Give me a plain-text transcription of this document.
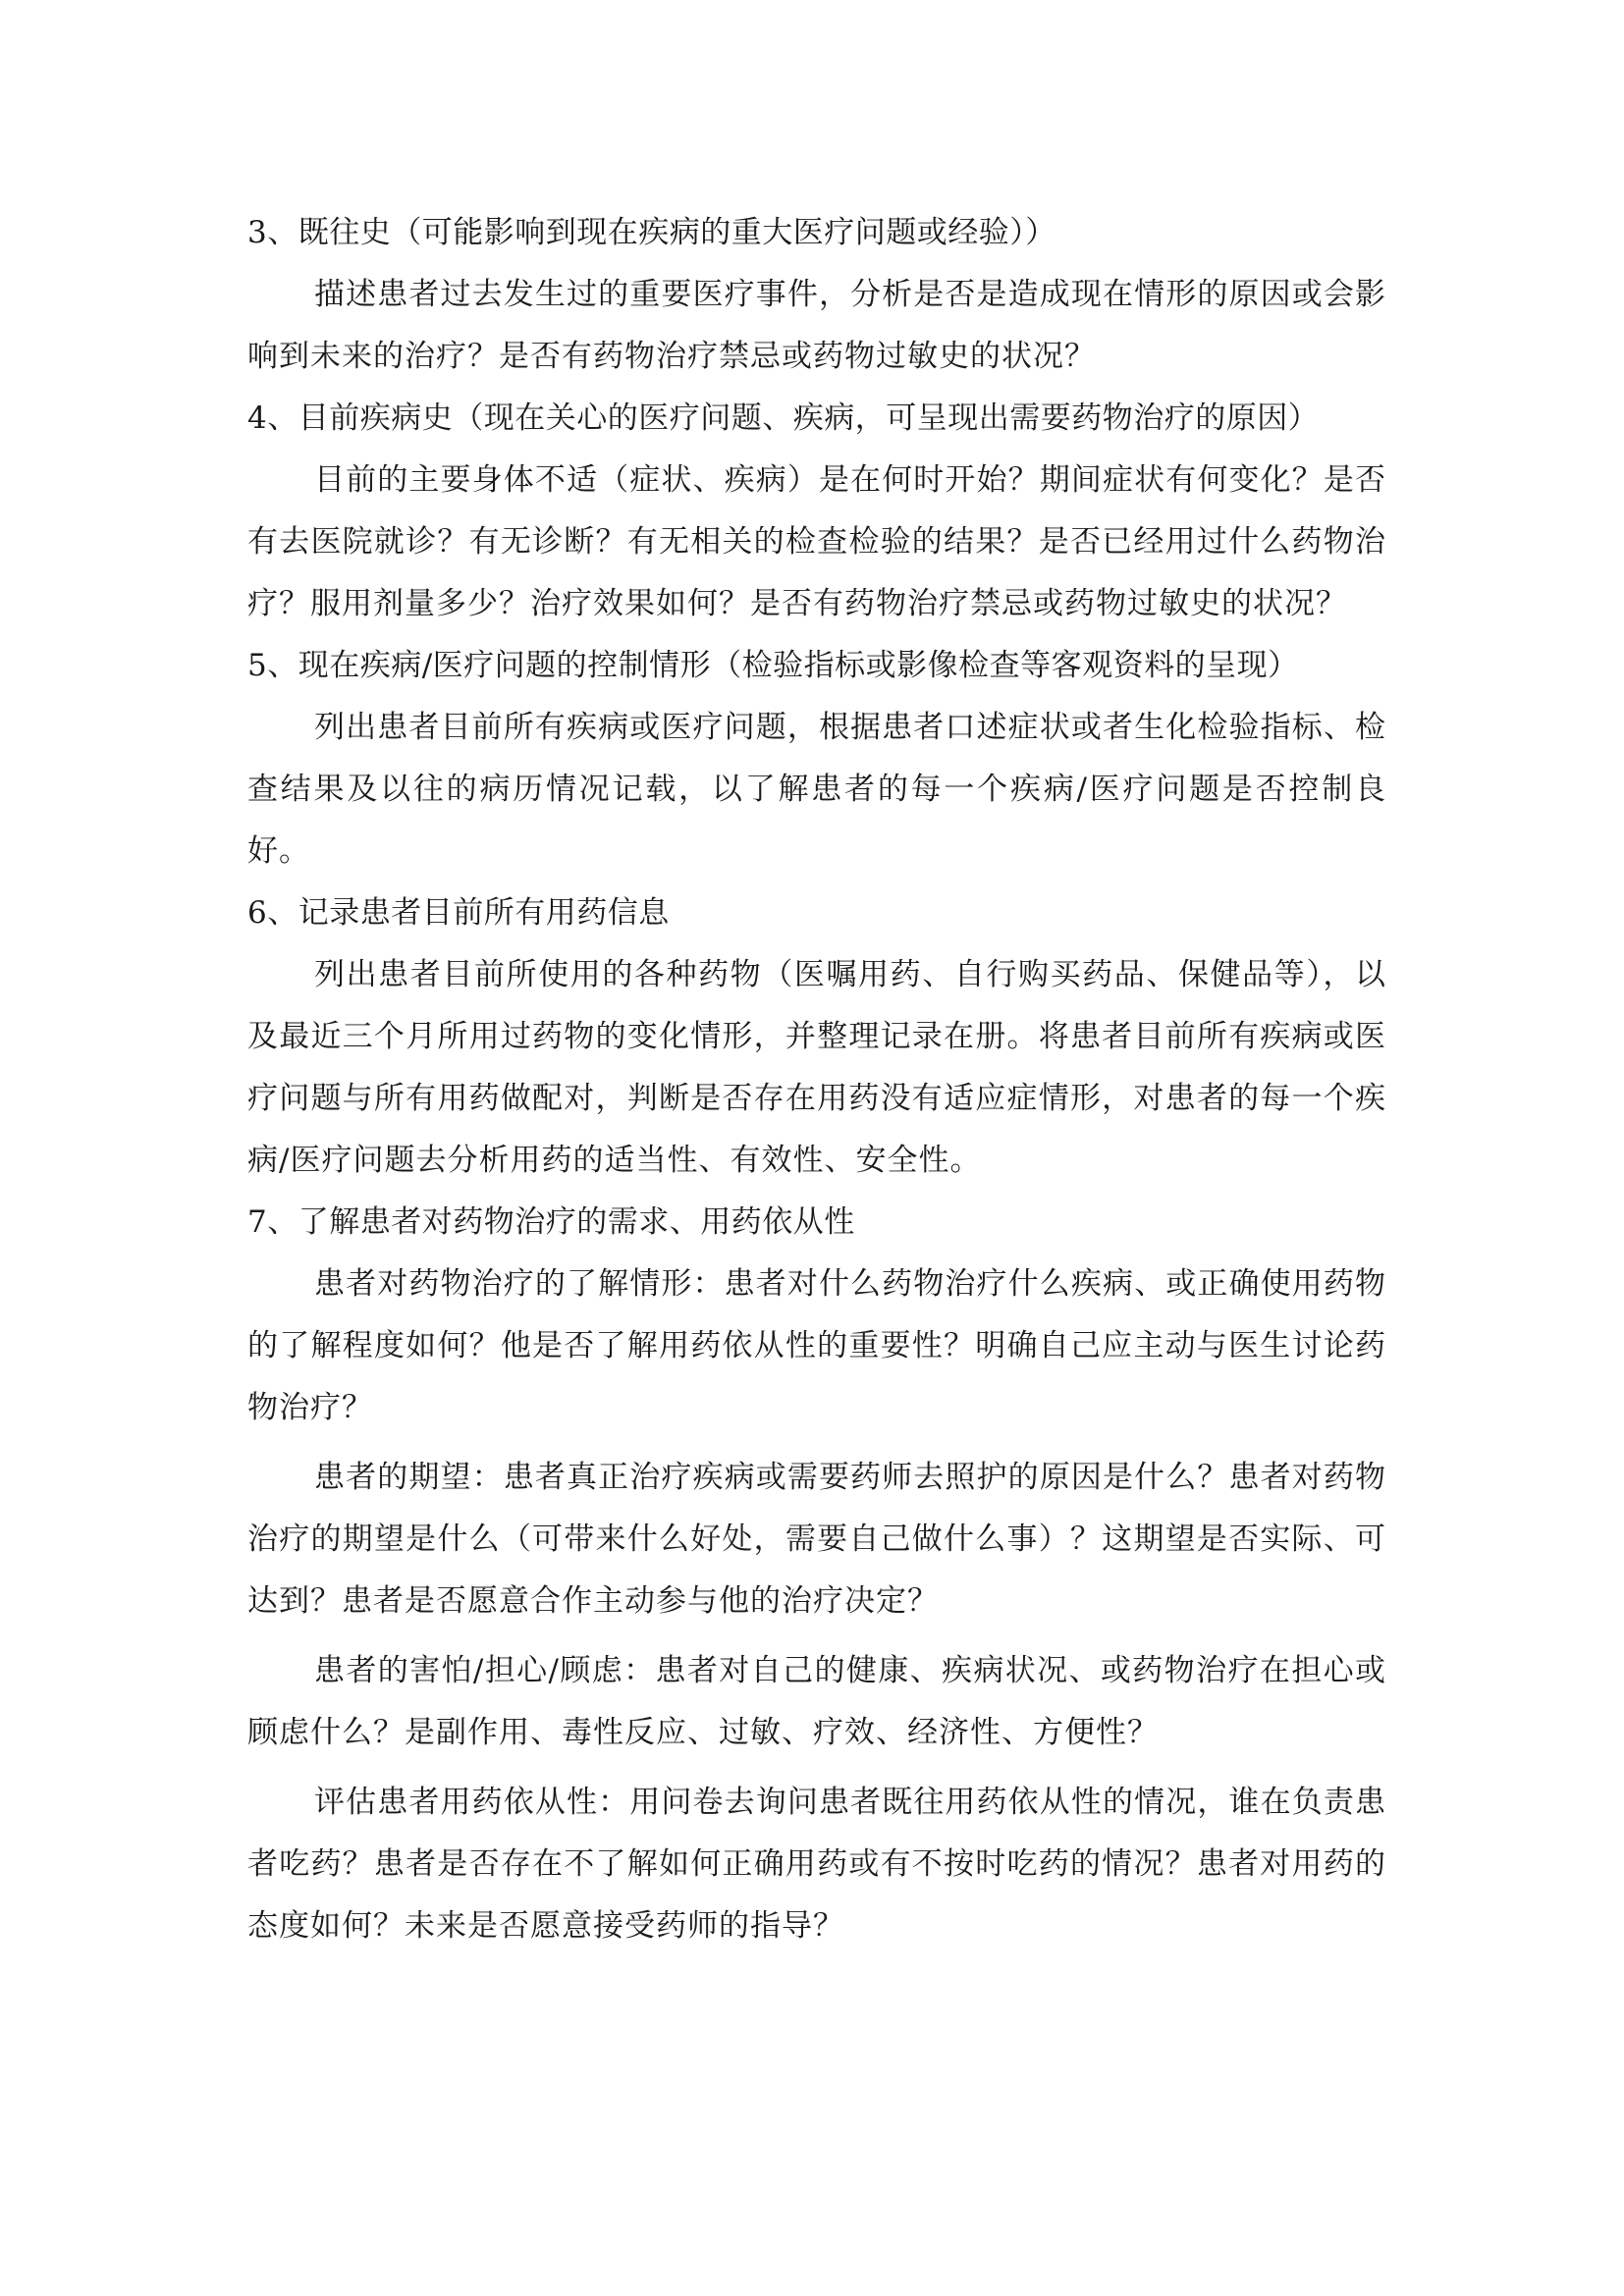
3、既往史（可能影响到现在疾病的重大医疗问题或经验））

描述患者过去发生过的重要医疗事件，分析是否是造成现在情形的原因或会影响到未来的治疗？是否有药物治疗禁忌或药物过敏史的状况？

4、目前疾病史（现在关心的医疗问题、疾病，可呈现出需要药物治疗的原因）

目前的主要身体不适（症状、疾病）是在何时开始？期间症状有何变化？是否有去医院就诊？有无诊断？有无相关的检查检验的结果？是否已经用过什么药物治疗？服用剂量多少？治疗效果如何？是否有药物治疗禁忌或药物过敏史的状况？

5、现在疾病/医疗问题的控制情形（检验指标或影像检查等客观资料的呈现）

列出患者目前所有疾病或医疗问题，根据患者口述症状或者生化检验指标、检查结果及以往的病历情况记载，以了解患者的每一个疾病/医疗问题是否控制良好。

6、记录患者目前所有用药信息

列出患者目前所使用的各种药物（医嘱用药、自行购买药品、保健品等），以及最近三个月所用过药物的变化情形，并整理记录在册。将患者目前所有疾病或医疗问题与所有用药做配对，判断是否存在用药没有适应症情形，对患者的每一个疾病/医疗问题去分析用药的适当性、有效性、安全性。

7、了解患者对药物治疗的需求、用药依从性

患者对药物治疗的了解情形：患者对什么药物治疗什么疾病、或正确使用药物的了解程度如何？他是否了解用药依从性的重要性？明确自己应主动与医生讨论药物治疗？

患者的期望：患者真正治疗疾病或需要药师去照护的原因是什么？患者对药物治疗的期望是什么（可带来什么好处，需要自己做什么事）？这期望是否实际、可达到？患者是否愿意合作主动参与他的治疗决定？

患者的害怕/担心/顾虑：患者对自己的健康、疾病状况、或药物治疗在担心或顾虑什么？是副作用、毒性反应、过敏、疗效、经济性、方便性？

评估患者用药依从性：用问卷去询问患者既往用药依从性的情况，谁在负责患者吃药？患者是否存在不了解如何正确用药或有不按时吃药的情况？患者对用药的态度如何？未来是否愿意接受药师的指导？
